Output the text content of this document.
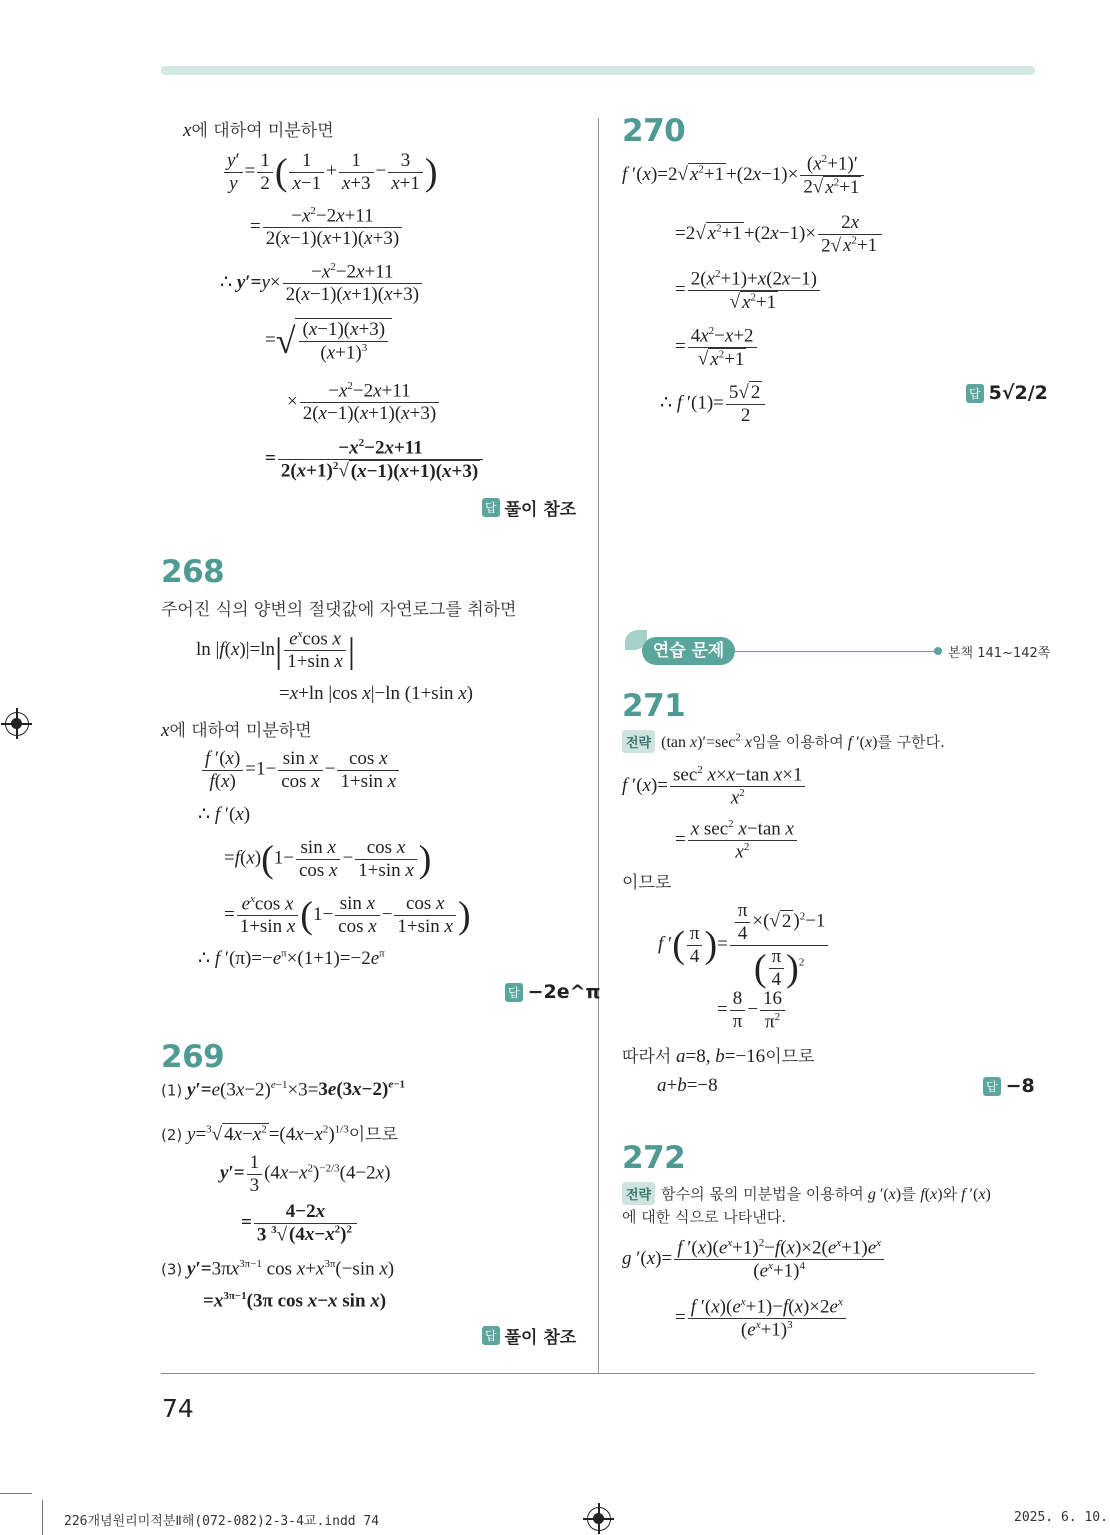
x에 대하여 미분하면
$\frac{y'}{y} = \frac{1}{2}$ ( $\frac{1}{x-1} + \frac{1}{x+3} - \frac{3}{x+1}$ )
= $\frac{-x^2-2x+11}{2(x-1)(x+1)(x+3)}$
∴ $y'=y\times \frac{-x^2-2x+11}{2(x-1)(x+1)(x+3)}$
=√ $\frac{(x-1)(x+3)}{(x+1)^3}$
× $\frac{-x^2-2x+11}{2(x-1)(x+1)(x+3)}$
= $\frac{-x^2-2x+11}{2(x+1)^2√ (x-1)(x+1)(x+3)}$
답 풀이 참조
268
주어진 식의 양변의 절댓값에 자연로그를 취하면
$\ln |f(x)|=\ln| \frac{e^x\cos x}{\text{1+sin x}}$ |
=x+ln |cos x|−ln (1+sin x)
x에 대하여 미분하면
$\frac{f '(x)}{f(x)} =1- \frac{\text{sin x}}{\text{cos x}} - \frac{\text{cos x}}{\text{1+sin x}}$
∴ f ′(x)
$=f(x)(1- \frac{\text{sin x}}{\text{cos x}} - \frac{\text{cos x}}{\text{1+sin x}}$ )
= $\frac{e^x\cos x}{\text{1+sin x}} (1- \frac{\text{sin x}}{\text{cos x}} - \frac{\text{cos x}}{\text{1+sin x}}$ )
∴ f $'(\pi)=-e^\pi\times(1+1)=-2e^\pi$
답 −2e^π
269
(1) $y'=e(3x-2)^{e-1}\times 3=3e(3x-2)^{e-1}$
(2) y=$^3$√ $4x-x^2 =(4x-x^2)^{1/3}$이므로
$y'= \frac{1}{3} (4x-x^2)^{-2/3}(4-2x)$
= $\frac{4-2x}{3 ^3√ (4x-x^2)^2}$
(3) $y'=3\pi x^{3\pi-1}$ $\cos x+x^{3\pi}(-\sin$ x)
$=x^{3\pi-1}(3\pi$ cos x−x sin x)
답 풀이 참조
270
f ′(x)=2√ $x^2+1 +(2x-1)\times \frac{(x^2+1)'}{2√ x^2+1}$
=2√ $x^2+1 +(2x-1)\times \frac{2x}{2√ x^2+1}$
= $\frac{2(x^2+1)+x(2x-1)}{√ x^2+1}$
= $\frac{4x^2-x+2}{√ x^2+1}$
∴ f $'(1)= \frac{5√ 2}{2}$	답 5√2/2
연습 문제	본책 141~142쪽
271
전략 (tan $x)'=\sec^2$ x임을 이용하여 f ′(x)를 구한다.
f $'(x)= \frac{\sec^2 x\times x-\tan x\times 1}{x^2}$
= $\frac{x \sec^2 x-\tan x}{x^2}$
이므로
f ′( $\frac{\pi}{4}$ )= $\frac{\frac{\pi}{4} \times(√ 2 )^2-1}{( \frac{\pi}{4} )^2}$
= $\frac{8}{\pi} - \frac{16}{\pi^2}$
따라서 a=8, b=−16이므로
a+b=−8	답 −8
272
전략 함수의 몫의 미분법을 이용하여 g ′(x)를 f(x)와 f ′(x)
에 대한 식으로 나타낸다.
g $'(x)= \frac{f '(x)(e^x+1)^2-f(x)\times 2(e^x+1)e^x}{(e^x+1)^4}$
= $\frac{f '(x)(e^x+1)-f(x)\times 2e^x}{(e^x+1)^3}$
74
226개념원리미적분Ⅱ해(072-082)2-3-4교.indd 74	2025. 6. 10.
